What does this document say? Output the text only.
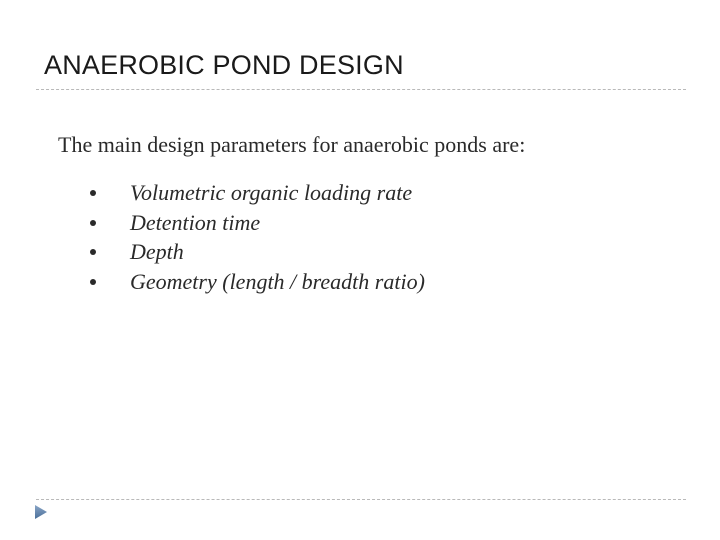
ANAEROBIC POND DESIGN
The main design parameters for anaerobic ponds are:
Volumetric organic loading rate
Detention time
Depth
Geometry (length / breadth ratio)
